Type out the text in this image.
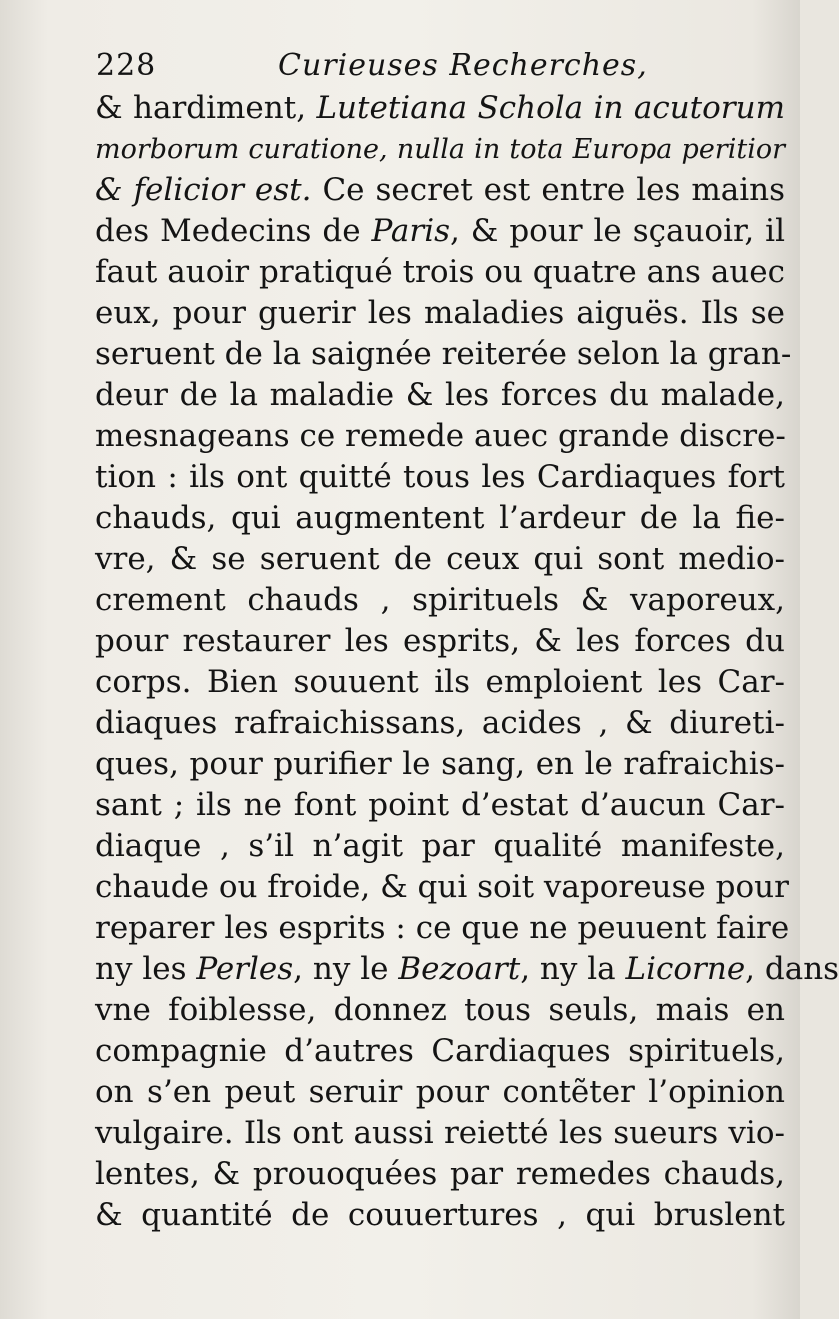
228	Curieuses Recherches,
& hardiment, Lutetiana Schola in acutorum
morborum curatione, nulla in tota Europa peritior
& felicior est. Ce secret est entre les mains
des Medecins de Paris, & pour le sçauoir, il
faut auoir pratiqué trois ou quatre ans auec
eux, pour guerir les maladies aiguës. Ils se
seruent de la saignée reiterée selon la gran-
deur de la maladie & les forces du malade,
mesnageans ce remede auec grande discre-
tion : ils ont quitté tous les Cardiaques fort
chauds, qui augmentent l’ardeur de la fie-
vre, & se seruent de ceux qui sont medio-
crement chauds , spirituels & vaporeux,
pour restaurer les esprits, & les forces du
corps. Bien souuent ils emploient les Car-
diaques rafraichissans, acides , & diureti-
ques, pour purifier le sang, en le rafraichis-
sant ; ils ne font point d’estat d’aucun Car-
diaque , s’il n’agit par qualité manifeste,
chaude ou froide, & qui soit vaporeuse pour
reparer les esprits : ce que ne peuuent faire
ny les Perles, ny le Bezoart, ny la Licorne, dans
vne foiblesse, donnez tous seuls, mais en
compagnie d’autres Cardiaques spirituels,
on s’en peut seruir pour contẽter l’opinion
vulgaire. Ils ont aussi reietté les sueurs vio-
lentes, & prouoquées par remedes chauds,
& quantité de couuertures , qui bruslent
